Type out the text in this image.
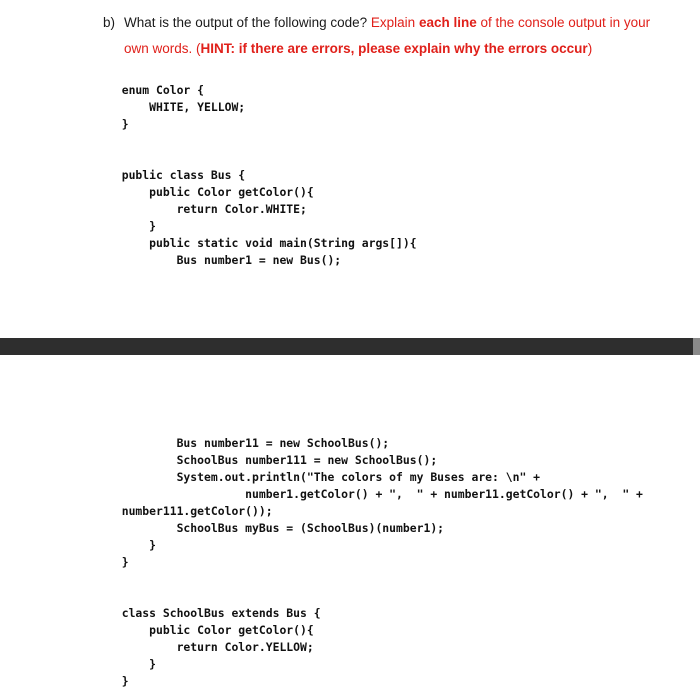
b) What is the output of the following code? Explain each line of the console output in your
own words. (HINT: if there are errors, please explain why the errors occur)
enum Color {
WHITE, YELLOW;
}
public class Bus {
public Color getColor(){
return Color.WHITE;
}
public static void main(String args[]){
Bus number1 = new Bus();
Bus number11 = new SchoolBus();
SchoolBus number111 = new SchoolBus();
System.out.println("The colors of my Buses are: \n" +
number1.getColor() + ",  " + number11.getColor() + ",  " +
number111.getColor());
SchoolBus myBus = (SchoolBus)(number1);
}
}
class SchoolBus extends Bus {
public Color getColor(){
return Color.YELLOW;
}
}
